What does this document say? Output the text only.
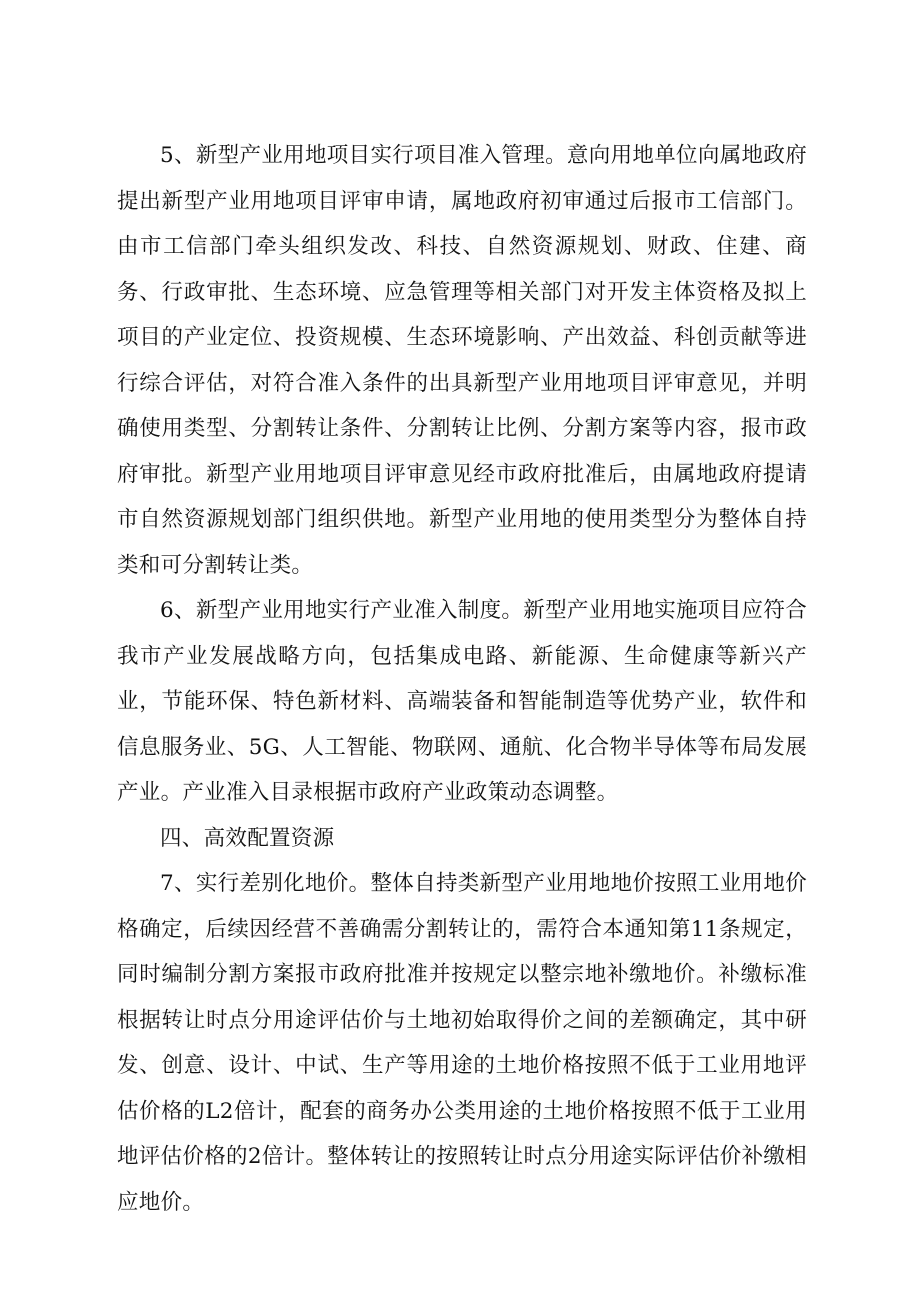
5、新型产业用地项目实行项目准入管理。意向用地单位向属地政府提出新型产业用地项目评审申请，属地政府初审通过后报市工信部门。由市工信部门牵头组织发改、科技、自然资源规划、财政、住建、商务、行政审批、生态环境、应急管理等相关部门对开发主体资格及拟上项目的产业定位、投资规模、生态环境影响、产出效益、科创贡献等进行综合评估，对符合准入条件的出具新型产业用地项目评审意见，并明确使用类型、分割转让条件、分割转让比例、分割方案等内容，报市政府审批。新型产业用地项目评审意见经市政府批准后，由属地政府提请市自然资源规划部门组织供地。新型产业用地的使用类型分为整体自持类和可分割转让类。

6、新型产业用地实行产业准入制度。新型产业用地实施项目应符合我市产业发展战略方向，包括集成电路、新能源、生命健康等新兴产业，节能环保、特色新材料、高端装备和智能制造等优势产业，软件和信息服务业、5G、人工智能、物联网、通航、化合物半导体等布局发展产业。产业准入目录根据市政府产业政策动态调整。

四、高效配置资源

7、实行差别化地价。整体自持类新型产业用地地价按照工业用地价格确定，后续因经营不善确需分割转让的，需符合本通知第11条规定，同时编制分割方案报市政府批准并按规定以整宗地补缴地价。补缴标准根据转让时点分用途评估价与土地初始取得价之间的差额确定，其中研发、创意、设计、中试、生产等用途的土地价格按照不低于工业用地评估价格的L2倍计，配套的商务办公类用途的土地价格按照不低于工业用地评估价格的2倍计。整体转让的按照转让时点分用途实际评估价补缴相应地价。
